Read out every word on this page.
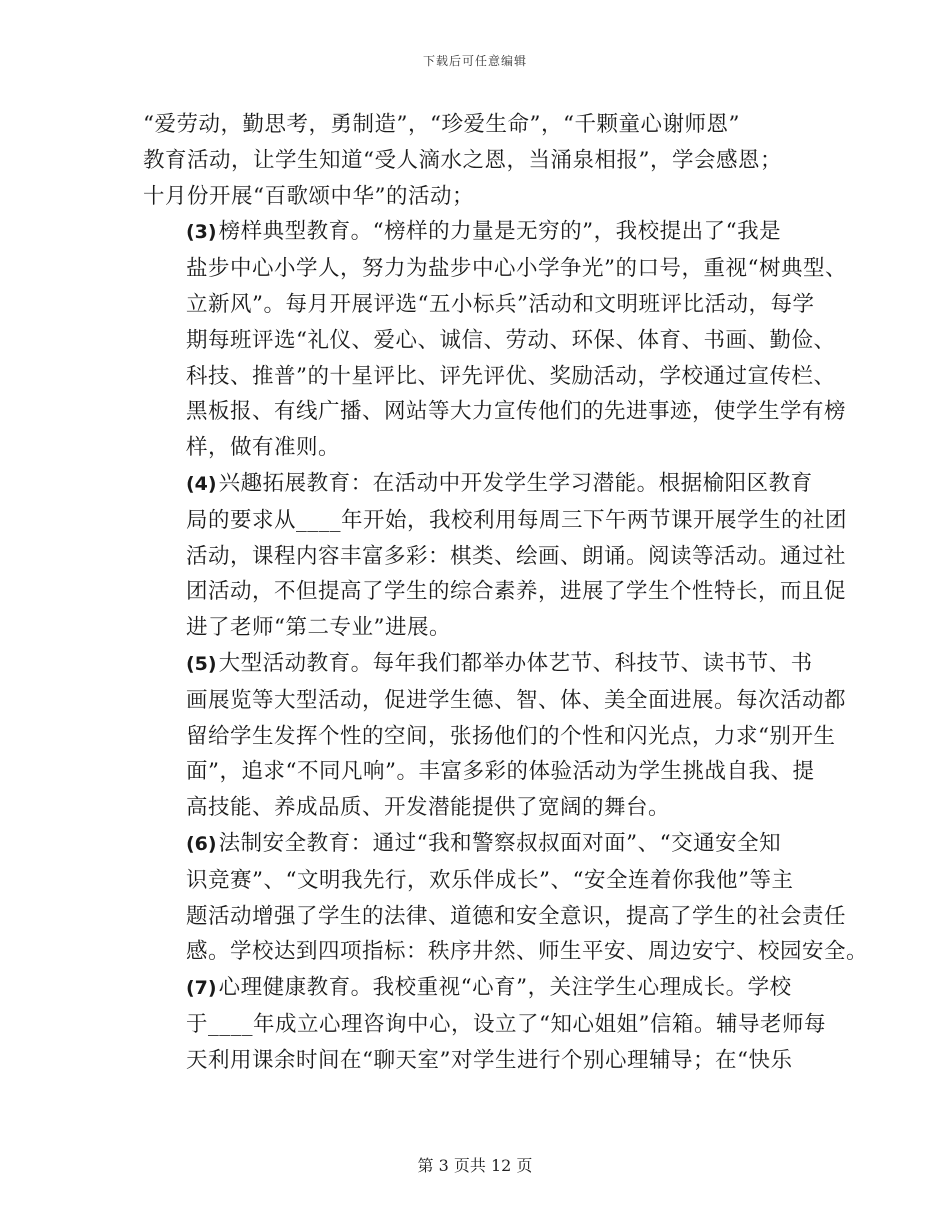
下载后可任意编辑

“爱劳动，勤思考，勇制造”，“珍爱生命”，“千颗童心谢师恩”
教育活动，让学生知道“受人滴水之恩，当涌泉相报”，学会感恩；
十月份开展“百歌颂中华”的活动；

(3)榜样典型教育。“榜样的力量是无穷的”，我校提出了“我是
盐步中心小学人，努力为盐步中心小学争光”的口号，重视“树典型、
立新风”。每月开展评选“五小标兵”活动和文明班评比活动，每学
期每班评选“礼仪、爱心、诚信、劳动、环保、体育、书画、勤俭、
科技、推普”的十星评比、评先评优、奖励活动，学校通过宣传栏、
黑板报、有线广播、网站等大力宣传他们的先进事迹，使学生学有榜
样，做有准则。

(4)兴趣拓展教育：在活动中开发学生学习潜能。根据榆阳区教育
局的要求从____年开始，我校利用每周三下午两节课开展学生的社团
活动，课程内容丰富多彩：棋类、绘画、朗诵。阅读等活动。通过社
团活动，不但提高了学生的综合素养，进展了学生个性特长，而且促
进了老师“第二专业”进展。

(5)大型活动教育。每年我们都举办体艺节、科技节、读书节、书
画展览等大型活动，促进学生德、智、体、美全面进展。每次活动都
留给学生发挥个性的空间，张扬他们的个性和闪光点，力求“别开生
面”，追求“不同凡响”。丰富多彩的体验活动为学生挑战自我、提
高技能、养成品质、开发潜能提供了宽阔的舞台。

(6)法制安全教育：通过“我和警察叔叔面对面”、“交通安全知
识竞赛”、“文明我先行，欢乐伴成长”、“安全连着你我他”等主
题活动增强了学生的法律、道德和安全意识，提高了学生的社会责任
感。学校达到四项指标：秩序井然、师生平安、周边安宁、校园安全。

(7)心理健康教育。我校重视“心育”，关注学生心理成长。学校
于____年成立心理咨询中心，设立了“知心姐姐”信箱。辅导老师每
天利用课余时间在“聊天室”对学生进行个别心理辅导；在“快乐

第 3 页共 12 页
